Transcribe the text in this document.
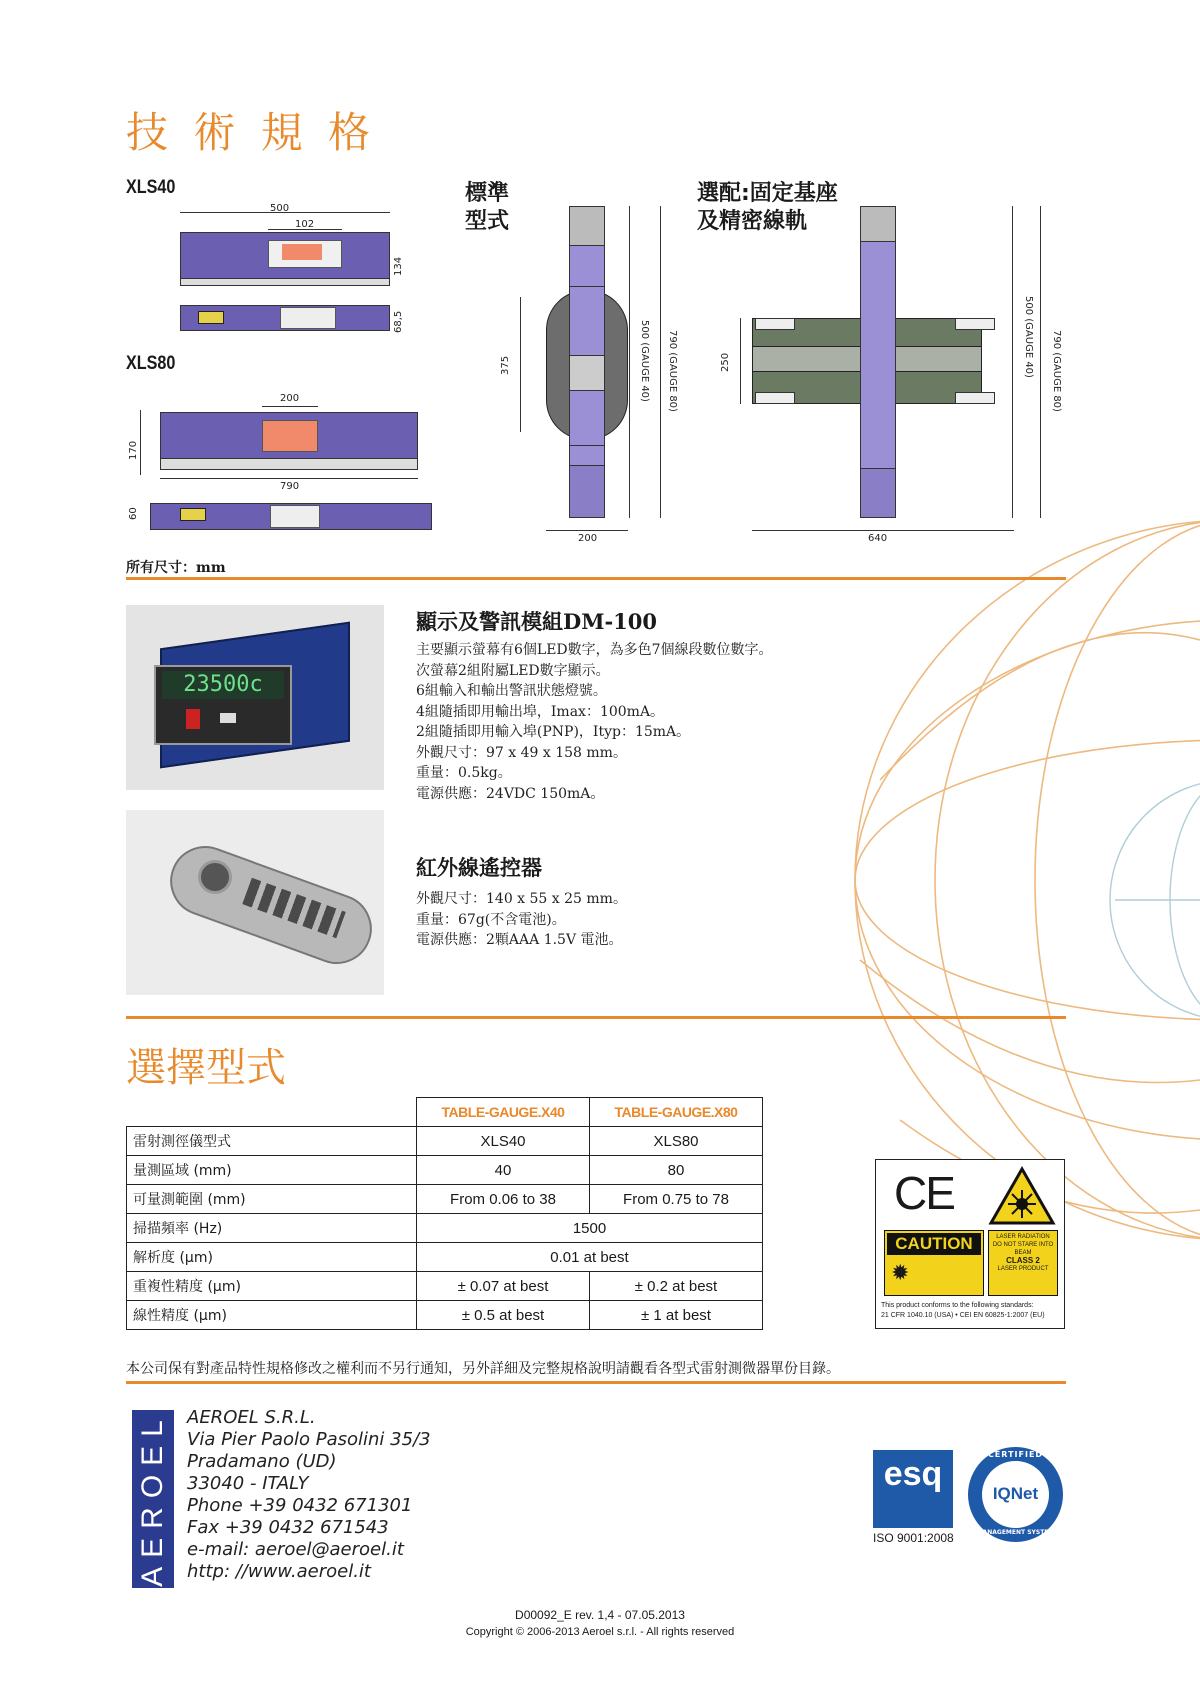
技 術 規 格
XLS40
500
102
134
68,5
XLS80
200
170
790
60
標準
型式
375	500 (GAUGE 40) 790 (GAUGE 80)
200
選配:固定基座
及精密線軌
250	500 (GAUGE 40) 790 (GAUGE 80)
640
所有尺寸：mm
23500c
顯示及警訊模組DM-100
主要顯示螢幕有6個LED數字，為多色7個線段數位數字。
次螢幕2組附屬LED數字顯示。
6組輸入和輸出警訊狀態燈號。
4組隨插即用輸出埠，Imax：100mA。
2組隨插即用輸入埠(PNP)，Ityp：15mA。
外觀尺寸：97 x 49 x 158 mm。
重量：0.5kg。
電源供應：24VDC 150mA。
紅外線遙控器
外觀尺寸：140 x 55 x 25 mm。
重量：67g(不含電池)。
電源供應：2顆AAA 1.5V 電池。
選擇型式
	TABLE-GAUGE.X40	TABLE-GAUGE.X80
雷射測徑儀型式	XLS40	XLS80
量測區域 (mm)	40	80
可量測範圍 (mm)	From 0.06 to 38	From 0.75 to 78
掃描頻率 (Hz)	1500	
解析度 (μm)	0.01 at best	
重複性精度 (μm)	± 0.07 at best	± 0.2 at best
線性精度 (μm)	± 0.5 at best	± 1 at best
CE
CAUTION
✹
LASER RADIATION
DO NOT STARE INTO BEAM
CLASS 2
LASER PRODUCT
This product conforms to the following standards:
21 CFR 1040.10 (USA) • CEI EN 60825-1:2007 (EU)
本公司保有對產品特性規格修改之權利而不另行通知，另外詳細及完整規格說明請觀看各型式雷射測微器單份目錄。
AEROEL AEROEL S.R.L.
Via Pier Paolo Pasolini 35/3
Pradamano (UD)
33040 - ITALY
Phone +39 0432 671301
Fax +39 0432 671543
e-mail: aeroel@aeroel.it
http: //www.aeroel.it
esq
ISO 9001:2008
CERTIFIED
IQNet
MANAGEMENT SYSTEM
D00092_E rev. 1,4 - 07.05.2013
Copyright © 2006-2013 Aeroel s.r.l. - All rights reserved
